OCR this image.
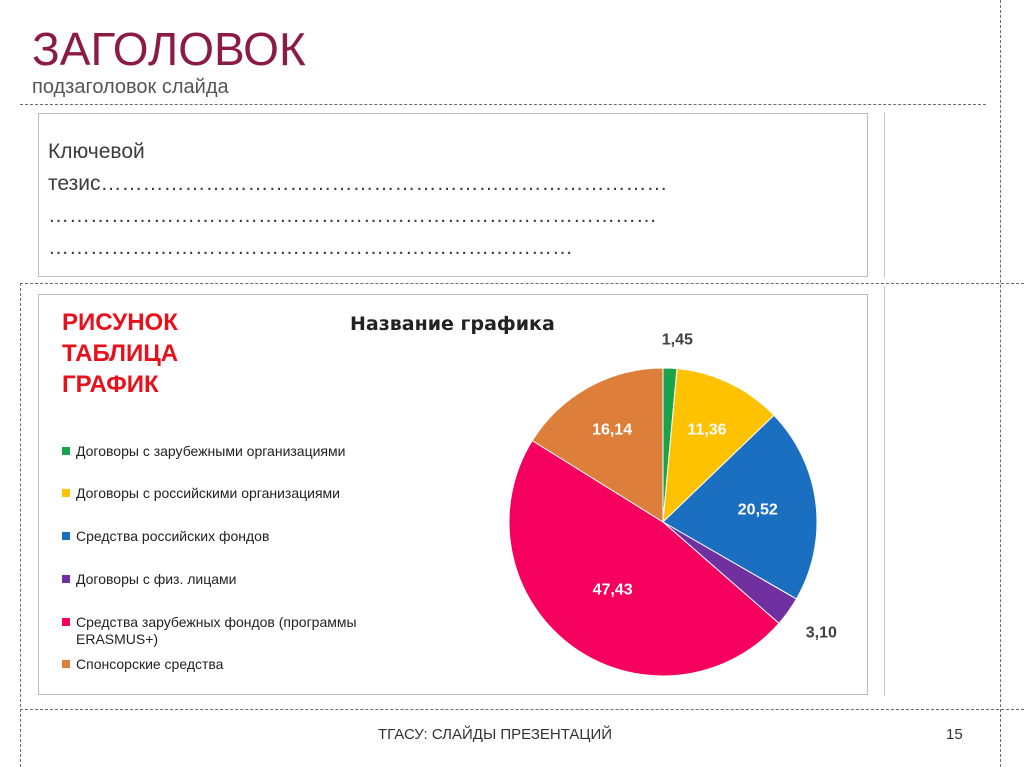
ЗАГОЛОВОК
подзаголовок слайда
Ключевой
тезис………………………………………………………………………
……………………………………………………………………………
…………………………………………………………………
РИСУНОК
ТАБЛИЦА
ГРАФИК
Название графика
Договоры с зарубежными организациями
Договоры с российскими организациями
Средства российских фондов
Договоры с физ. лицами
Средства зарубежных фондов (программы ERASMUS+)
Спонсорские средства
1,45
11,36
20,52
3,10
47,43
16,14
ТГАСУ: СЛАЙДЫ ПРЕЗЕНТАЦИЙ	15
